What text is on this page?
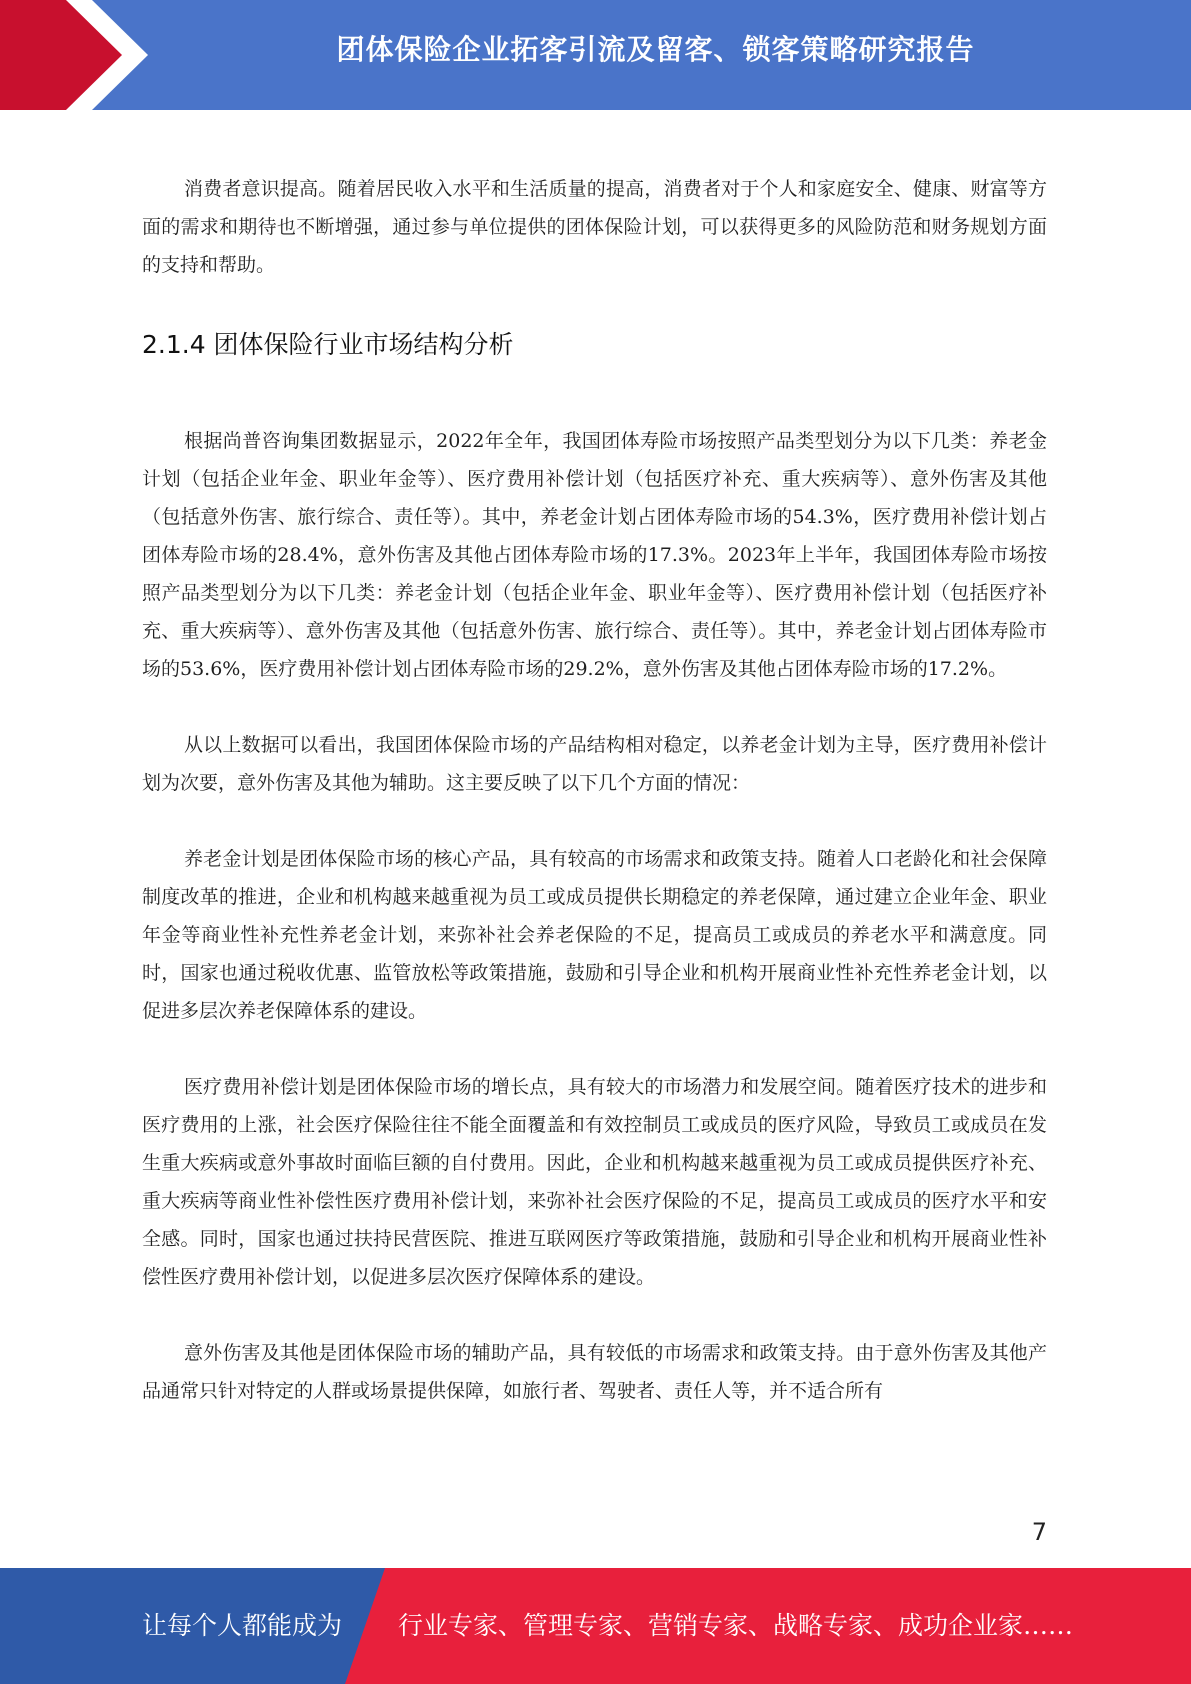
团体保险企业拓客引流及留客、锁客策略研究报告

消费者意识提高。随着居民收入水平和生活质量的提高，消费者对于个人和家庭安全、健康、财富等方面的需求和期待也不断增强，通过参与单位提供的团体保险计划，可以获得更多的风险防范和财务规划方面的支持和帮助。

2.1.4 团体保险行业市场结构分析

根据尚普咨询集团数据显示，2022年全年，我国团体寿险市场按照产品类型划分为以下几类：养老金计划（包括企业年金、职业年金等）、医疗费用补偿计划（包括医疗补充、重大疾病等）、意外伤害及其他（包括意外伤害、旅行综合、责任等）。其中，养老金计划占团体寿险市场的54.3%，医疗费用补偿计划占团体寿险市场的28.4%，意外伤害及其他占团体寿险市场的17.3%。2023年上半年，我国团体寿险市场按照产品类型划分为以下几类：养老金计划（包括企业年金、职业年金等）、医疗费用补偿计划（包括医疗补充、重大疾病等）、意外伤害及其他（包括意外伤害、旅行综合、责任等）。其中，养老金计划占团体寿险市场的53.6%，医疗费用补偿计划占团体寿险市场的29.2%，意外伤害及其他占团体寿险市场的17.2%。

从以上数据可以看出，我国团体保险市场的产品结构相对稳定，以养老金计划为主导，医疗费用补偿计划为次要，意外伤害及其他为辅助。这主要反映了以下几个方面的情况：

养老金计划是团体保险市场的核心产品，具有较高的市场需求和政策支持。随着人口老龄化和社会保障制度改革的推进，企业和机构越来越重视为员工或成员提供长期稳定的养老保障，通过建立企业年金、职业年金等商业性补充性养老金计划，来弥补社会养老保险的不足，提高员工或成员的养老水平和满意度。同时，国家也通过税收优惠、监管放松等政策措施，鼓励和引导企业和机构开展商业性补充性养老金计划，以促进多层次养老保障体系的建设。

医疗费用补偿计划是团体保险市场的增长点，具有较大的市场潜力和发展空间。随着医疗技术的进步和医疗费用的上涨，社会医疗保险往往不能全面覆盖和有效控制员工或成员的医疗风险，导致员工或成员在发生重大疾病或意外事故时面临巨额的自付费用。因此，企业和机构越来越重视为员工或成员提供医疗补充、重大疾病等商业性补偿性医疗费用补偿计划，来弥补社会医疗保险的不足，提高员工或成员的医疗水平和安全感。同时，国家也通过扶持民营医院、推进互联网医疗等政策措施，鼓励和引导企业和机构开展商业性补偿性医疗费用补偿计划，以促进多层次医疗保障体系的建设。

意外伤害及其他是团体保险市场的辅助产品，具有较低的市场需求和政策支持。由于意外伤害及其他产品通常只针对特定的人群或场景提供保障，如旅行者、驾驶者、责任人等，并不适合所有

7
让每个人都能成为 行业专家、管理专家、营销专家、战略专家、成功企业家……
